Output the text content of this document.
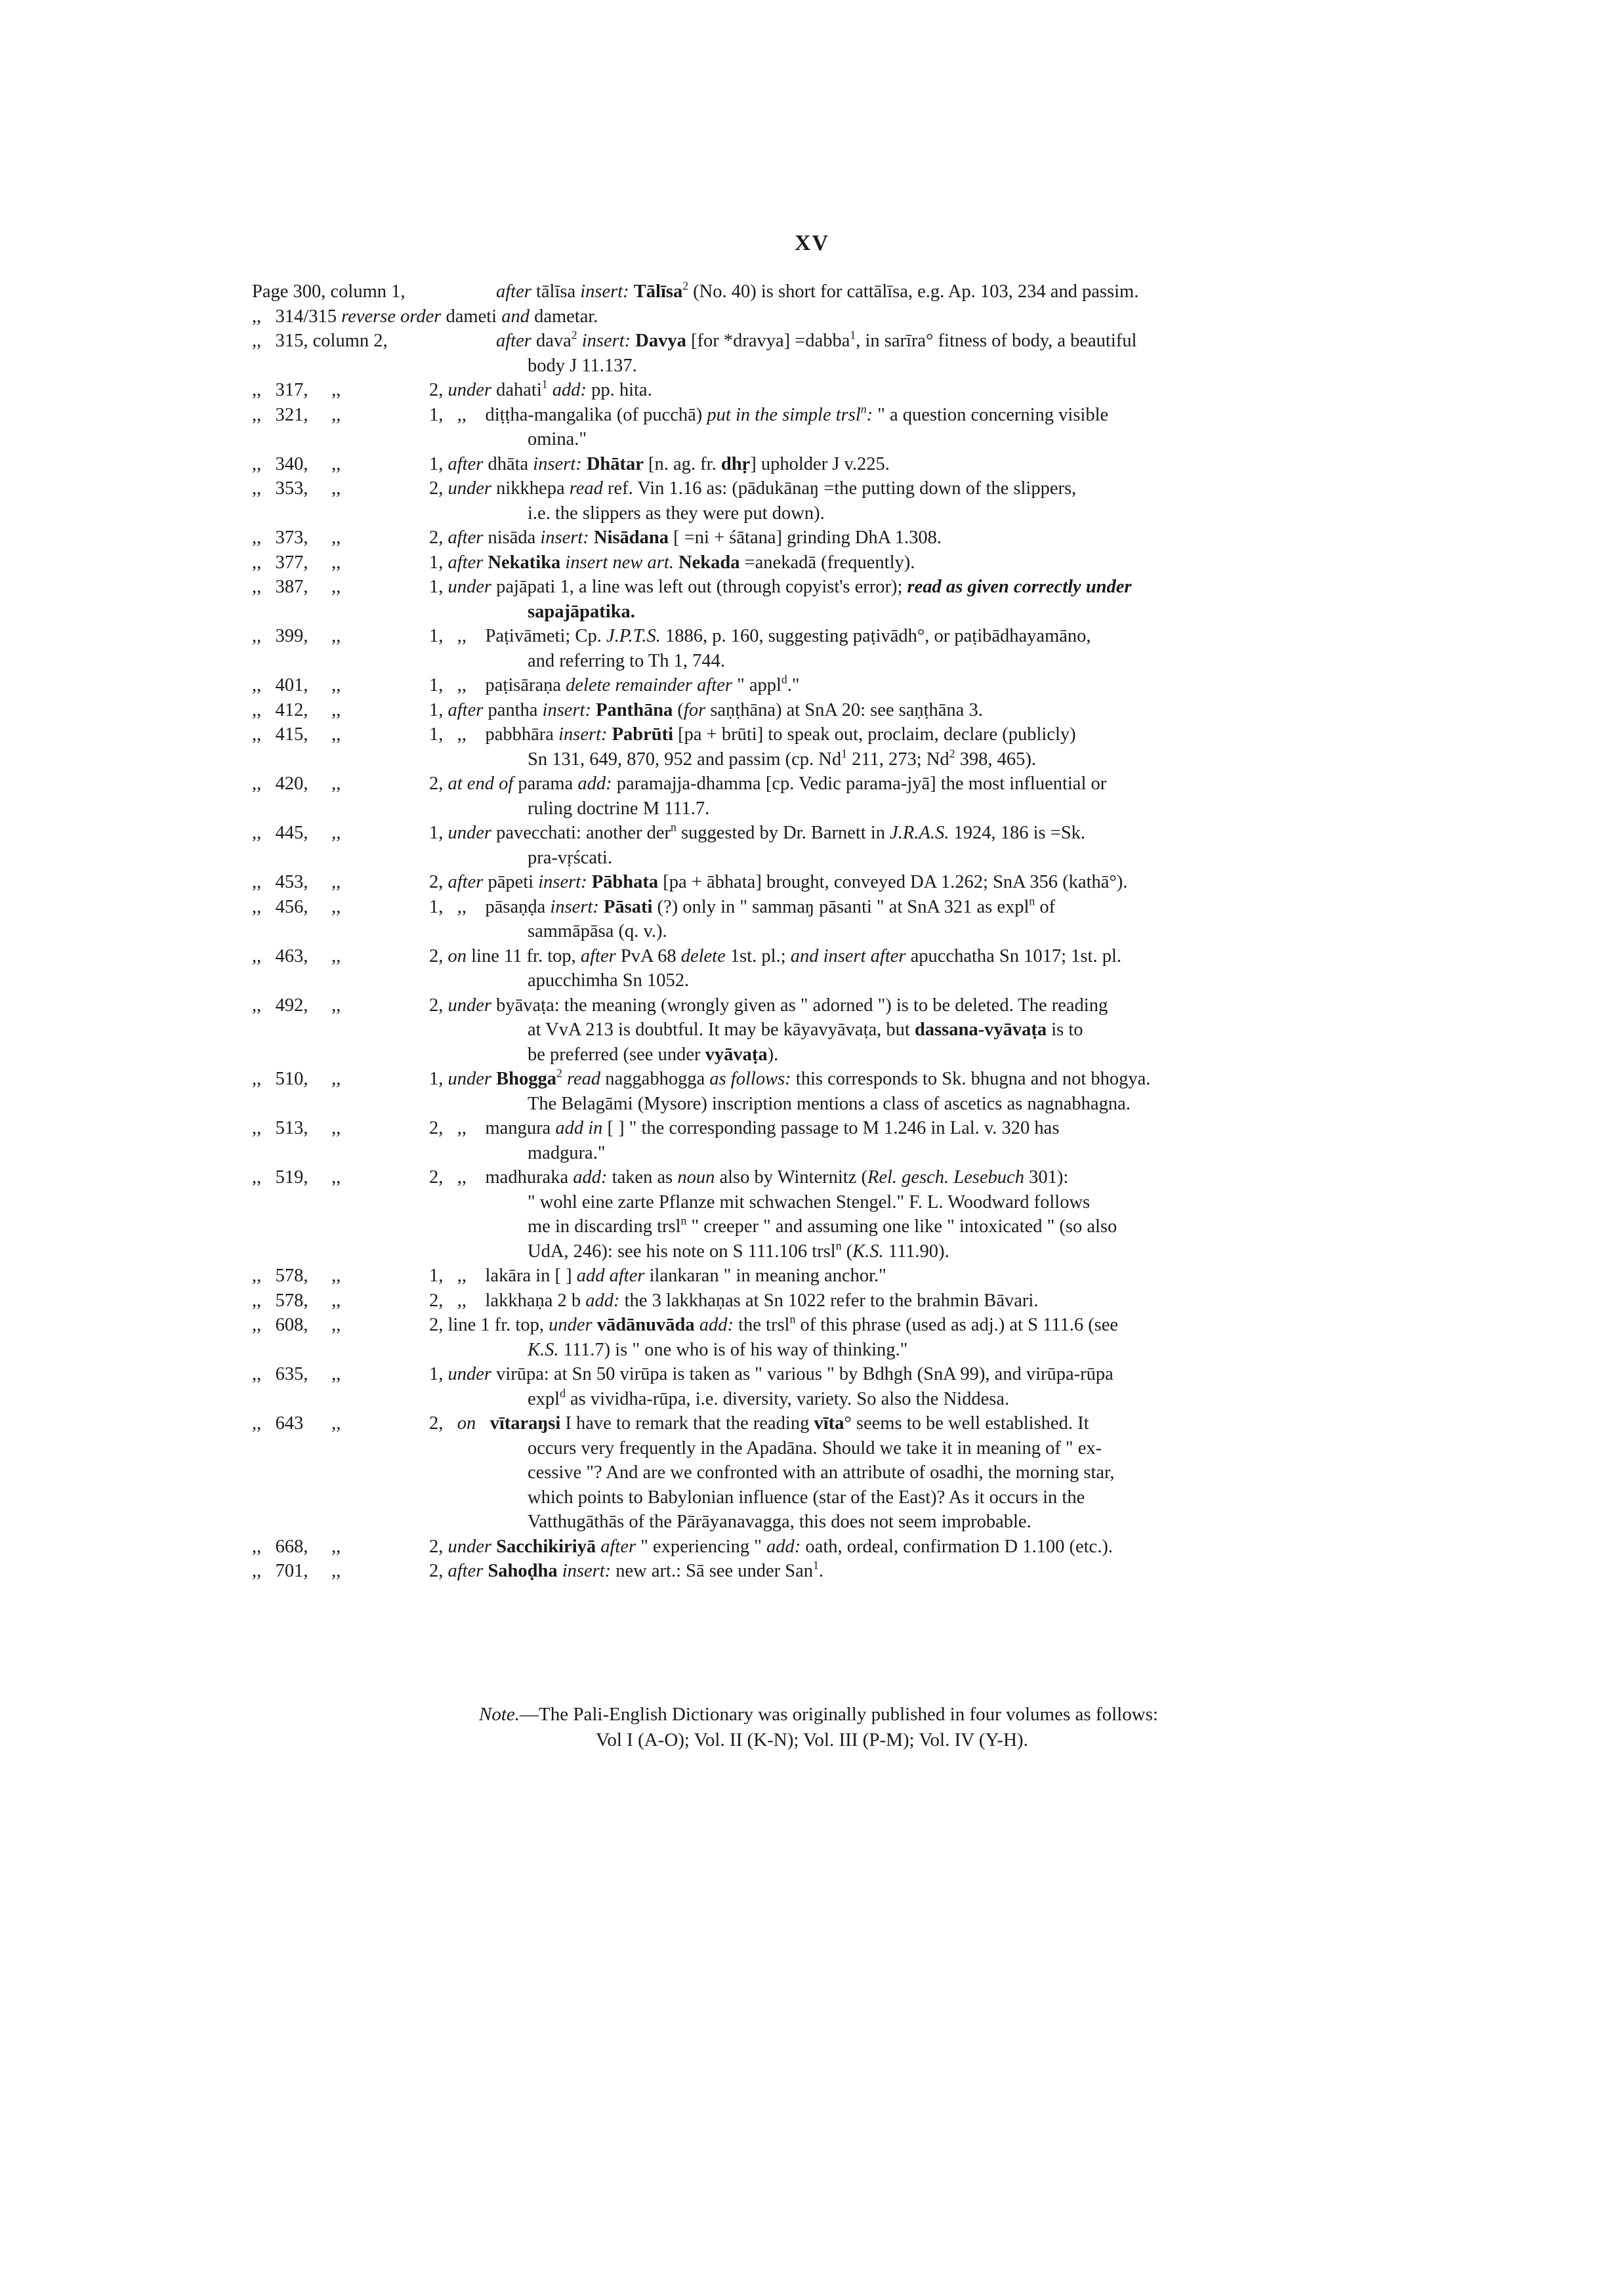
XV
Page 300, column 1,	after tālīsa insert: Tālīsa$^2$ (No. 40) is short for cattālīsa, e.g. Ap. 103, 234 and passim.
,,   314/315 reverse order dameti and dametar.
,,   315, column 2,	after dava$^2$ insert: Davya [for *dravya] =dabba$^1$, in sarīra° fitness of body, a beautiful
body J 11.137.
,,   317,     ,,	2, under dahati$^1$ add: pp. hita.
,,   321,     ,,	1,   ,,    diṭṭha-mangalika (of pucchā) put in the simple trsl$^n$: " a question concerning visible
omina."
,,   340,     ,,	1, after dhāta insert: Dhātar [n. ag. fr. dhṛ] upholder J v.225.
,,   353,     ,,	2, under nikkhepa read ref. Vin 1.16 as: (pādukānaŋ =the putting down of the slippers,
i.e. the slippers as they were put down).
,,   373,     ,,	2, after nisāda insert: Nisādana [ =ni + śātana] grinding DhA 1.308.
,,   377,     ,,	1, after Nekatika insert new art. Nekada =anekadā (frequently).
,,   387,     ,,	1, under pajāpati 1, a line was left out (through copyist's error); read as given correctly under
sapajāpatika.
,,   399,     ,,	1,   ,,    Paṭivāmeti; Cp. J.P.T.S. 1886, p. 160, suggesting paṭivādh°, or paṭibādhayamāno,
and referring to Th 1, 744.
,,   401,     ,,	1,   ,,    paṭisāraṇa delete remainder after " appl$^d$."
,,   412,     ,,	1, after pantha insert: Panthāna (for saṇṭhāna) at SnA 20: see saṇṭhāna 3.
,,   415,     ,,	1,   ,,    pabbhāra insert: Pabrūti [pa + brūti] to speak out, proclaim, declare (publicly)
Sn 131, 649, 870, 952 and passim (cp. Nd$^1$ 211, 273; Nd$^2$ 398, 465).
,,   420,     ,,	2, at end of parama add: paramajja-dhamma [cp. Vedic parama-jyā] the most influential or
ruling doctrine M 111.7.
,,   445,     ,,	1, under pavecchati: another der$^n$ suggested by Dr. Barnett in J.R.A.S. 1924, 186 is =Sk.
pra-vṛścati.
,,   453,     ,,	2, after pāpeti insert: Pābhata [pa + ābhata] brought, conveyed DA 1.262; SnA 356 (kathā°).
,,   456,     ,,	1,   ,,    pāsaṇḍa insert: Pāsati (?) only in " sammaŋ pāsanti " at SnA 321 as expl$^n$ of
sammāpāsa (q. v.).
,,   463,     ,,	2, on line 11 fr. top, after PvA 68 delete 1st. pl.; and insert after apucchatha Sn 1017; 1st. pl.
apucchimha Sn 1052.
,,   492,     ,,	2, under byāvaṭa: the meaning (wrongly given as " adorned ") is to be deleted. The reading
at VvA 213 is doubtful. It may be kāyavyāvaṭa, but dassana-vyāvaṭa is to
be preferred (see under vyāvaṭa).
,,   510,     ,,	1, under Bhogga$^2$ read naggabhogga as follows: this corresponds to Sk. bhugna and not bhogya.
The Belagāmi (Mysore) inscription mentions a class of ascetics as nagnabhagna.
,,   513,     ,,	2,   ,,    mangura add in [ ] " the corresponding passage to M 1.246 in Lal. v. 320 has
madgura."
,,   519,     ,,	2,   ,,    madhuraka add: taken as noun also by Winternitz (Rel. gesch. Lesebuch 301):
" wohl eine zarte Pflanze mit schwachen Stengel." F. L. Woodward follows
me in discarding trsl$^n$ " creeper " and assuming one like " intoxicated " (so also
UdA, 246): see his note on S 111.106 trsl$^n$ (K.S. 111.90).
,,   578,     ,,	1,   ,,    lakāra in [ ] add after ilankaran " in meaning anchor."
,,   578,     ,,	2,   ,,    lakkhaṇa 2 b add: the 3 lakkhaṇas at Sn 1022 refer to the brahmin Bāvari.
,,   608,     ,,	2, line 1 fr. top, under vādānuvāda add: the trsl$^n$ of this phrase (used as adj.) at S 111.6 (see
K.S. 111.7) is " one who is of his way of thinking."
,,   635,     ,,	1, under virūpa: at Sn 50 virūpa is taken as " various " by Bdhgh (SnA 99), and virūpa-rūpa
expl$^d$ as vividha-rūpa, i.e. diversity, variety. So also the Niddesa.
,,   643      ,,	2,   on vītaraŋsi I have to remark that the reading vīta° seems to be well established. It
occurs very frequently in the Apadāna. Should we take it in meaning of " ex-
cessive "? And are we confronted with an attribute of osadhi, the morning star,
which points to Babylonian influence (star of the East)? As it occurs in the
Vatthugāthās of the Pārāyanavagga, this does not seem improbable.
,,   668,     ,,	2, under Sacchikiriyā after " experiencing " add: oath, ordeal, confirmation D 1.100 (etc.).
,,   701,     ,,	2, after Sahoḍha insert: new art.: Sā see under San$^1$.
Note.—The Pali-English Dictionary was originally published in four volumes as follows:
Vol I (A-O); Vol. II (K-N); Vol. III (P-M); Vol. IV (Y-H).
